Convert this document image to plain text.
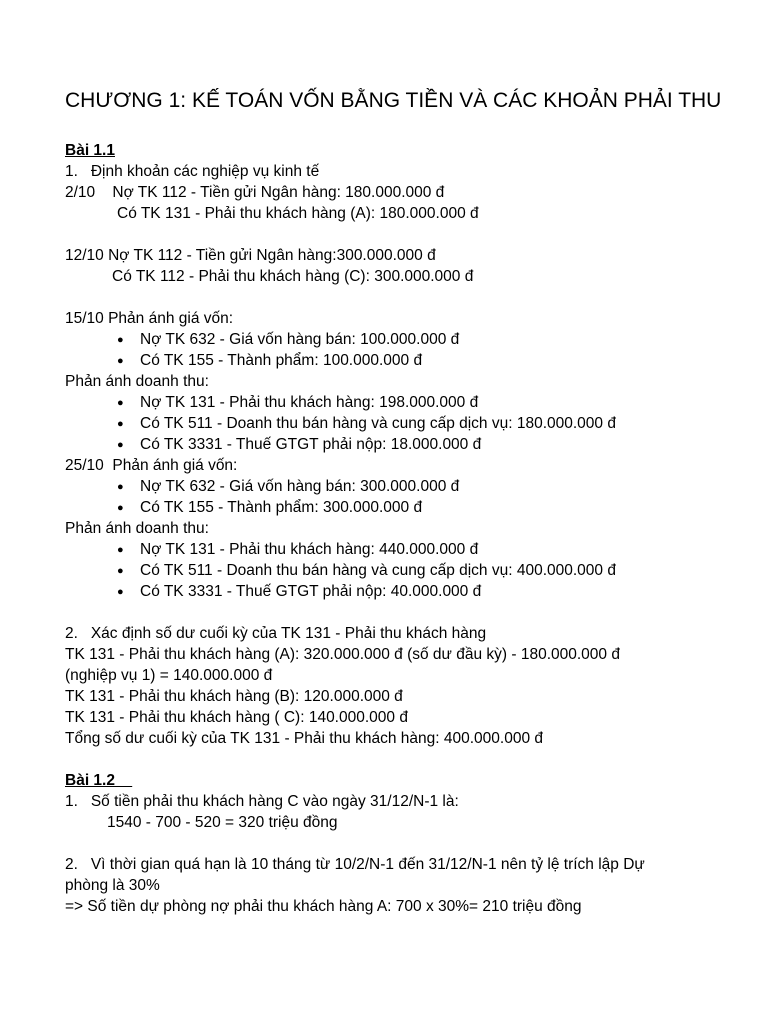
CHƯƠNG 1: KẾ TOÁN VỐN BẰNG TIỀN VÀ CÁC KHOẢN PHẢI THU
Bài 1.1
1.   Định khoản các nghiệp vụ kinh tế
2/10    Nợ TK 112 - Tiền gửi Ngân hàng: 180.000.000 đ
Có TK 131 - Phải thu khách hàng (A): 180.000.000 đ
12/10 Nợ TK 112 - Tiền gửi Ngân hàng:300.000.000 đ
Có TK 112 - Phải thu khách hàng (C): 300.000.000 đ
15/10 Phản ánh giá vốn:
● Nợ TK 632 - Giá vốn hàng bán: 100.000.000 đ
● Có TK 155 - Thành phẩm: 100.000.000 đ
Phản ánh doanh thu:
● Nợ TK 131 - Phải thu khách hàng: 198.000.000 đ
● Có TK 511 - Doanh thu bán hàng và cung cấp dịch vụ: 180.000.000 đ
● Có TK 3331 - Thuế GTGT phải nộp: 18.000.000 đ
25/10  Phản ánh giá vốn:
● Nợ TK 632 - Giá vốn hàng bán: 300.000.000 đ
● Có TK 155 - Thành phẩm: 300.000.000 đ
Phản ánh doanh thu:
● Nợ TK 131 - Phải thu khách hàng: 440.000.000 đ
● Có TK 511 - Doanh thu bán hàng và cung cấp dịch vụ: 400.000.000 đ
● Có TK 3331 - Thuế GTGT phải nộp: 40.000.000 đ
2.   Xác định số dư cuối kỳ của TK 131 - Phải thu khách hàng
TK 131 - Phải thu khách hàng (A): 320.000.000 đ (số dư đầu kỳ) - 180.000.000 đ
(nghiệp vụ 1) = 140.000.000 đ
TK 131 - Phải thu khách hàng (B): 120.000.000 đ
TK 131 - Phải thu khách hàng ( C): 140.000.000 đ
Tổng số dư cuối kỳ của TK 131 - Phải thu khách hàng: 400.000.000 đ
Bài 1.2
1.   Số tiền phải thu khách hàng C vào ngày 31/12/N-1 là:
1540 - 700 - 520 = 320 triệu đồng
2.   Vì thời gian quá hạn là 10 tháng từ 10/2/N-1 đến 31/12/N-1 nên tỷ lệ trích lập Dự
phòng là 30%
=> Số tiền dự phòng nợ phải thu khách hàng A: 700 x 30%= 210 triệu đồng
